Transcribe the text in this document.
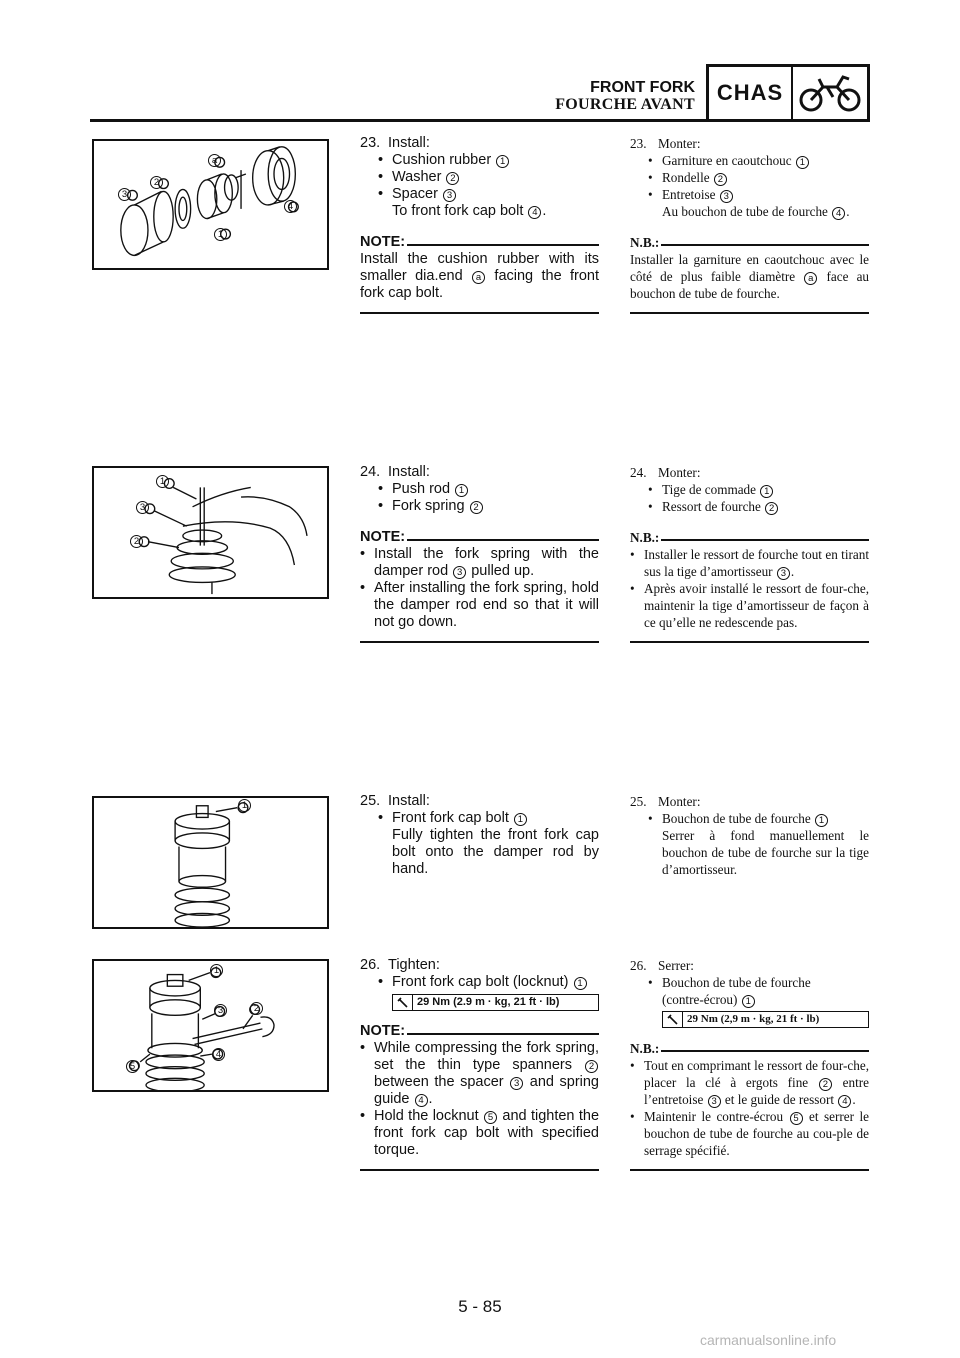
FRONT FORK
FOURCHE AVANT CHAS
23. Install:
• Cushion rubber 1
• Washer 2
• Spacer 3
To front fork cap bolt 4 .
NOTE:
Install the cushion rubber with its smaller dia.end a facing the front fork cap bolt.
23. Monter:
• Garniture en caoutchouc 1
• Rondelle 2
• Entretoise 3
Au bouchon de tube de fourche 4 .
N.B.:
Installer la garniture en caoutchouc avec le côté de plus faible diamètre a face au bouchon de tube de fourche.
24. Install:
• Push rod 1
• Fork spring 2
NOTE:
• Install the fork spring with the damper rod 3 pulled up.
• After installing the fork spring, hold the damper rod end so that it will not go down.
24. Monter:
• Tige de commade 1
• Ressort de fourche 2
N.B.:
• Installer le ressort de fourche tout en tirant sus la tige d’amortisseur 3 .
• Après avoir installé le ressort de four-che, maintenir la tige d’amortisseur de façon à ce qu’elle ne redescende pas.
25. Install:
• Front fork cap bolt 1
Fully tighten the front fork cap bolt onto the damper rod by hand.
25. Monter:
• Bouchon de tube de fourche 1
Serrer à fond manuellement le bouchon de tube de fourche sur la tige d’amortisseur.
26. Tighten:
• Front fork cap bolt (locknut) 1
29 Nm (2.9 m · kg, 21 ft · lb)
NOTE:
• While compressing the fork spring, set the thin type spanners 2 between the spacer 3 and spring guide 4 .
• Hold the locknut 5 and tighten the front fork cap bolt with specified torque.
26. Serrer:
• Bouchon de tube de fourche
(contre-écrou) 1
29 Nm (2,9 m · kg, 21 ft · lb)
N.B.:
• Tout en comprimant le ressort de four-che, placer la clé à ergots fine 2 entre l’entretoise 3 et le guide de ressort 4 .
• Maintenir le contre-écrou 5 et serrer le bouchon de tube de fourche au cou-ple de serrage spécifié.
3
2
a
4
1
1
3
2
1
1
3	2
5
4
5 - 85
carmanualsonline.info
